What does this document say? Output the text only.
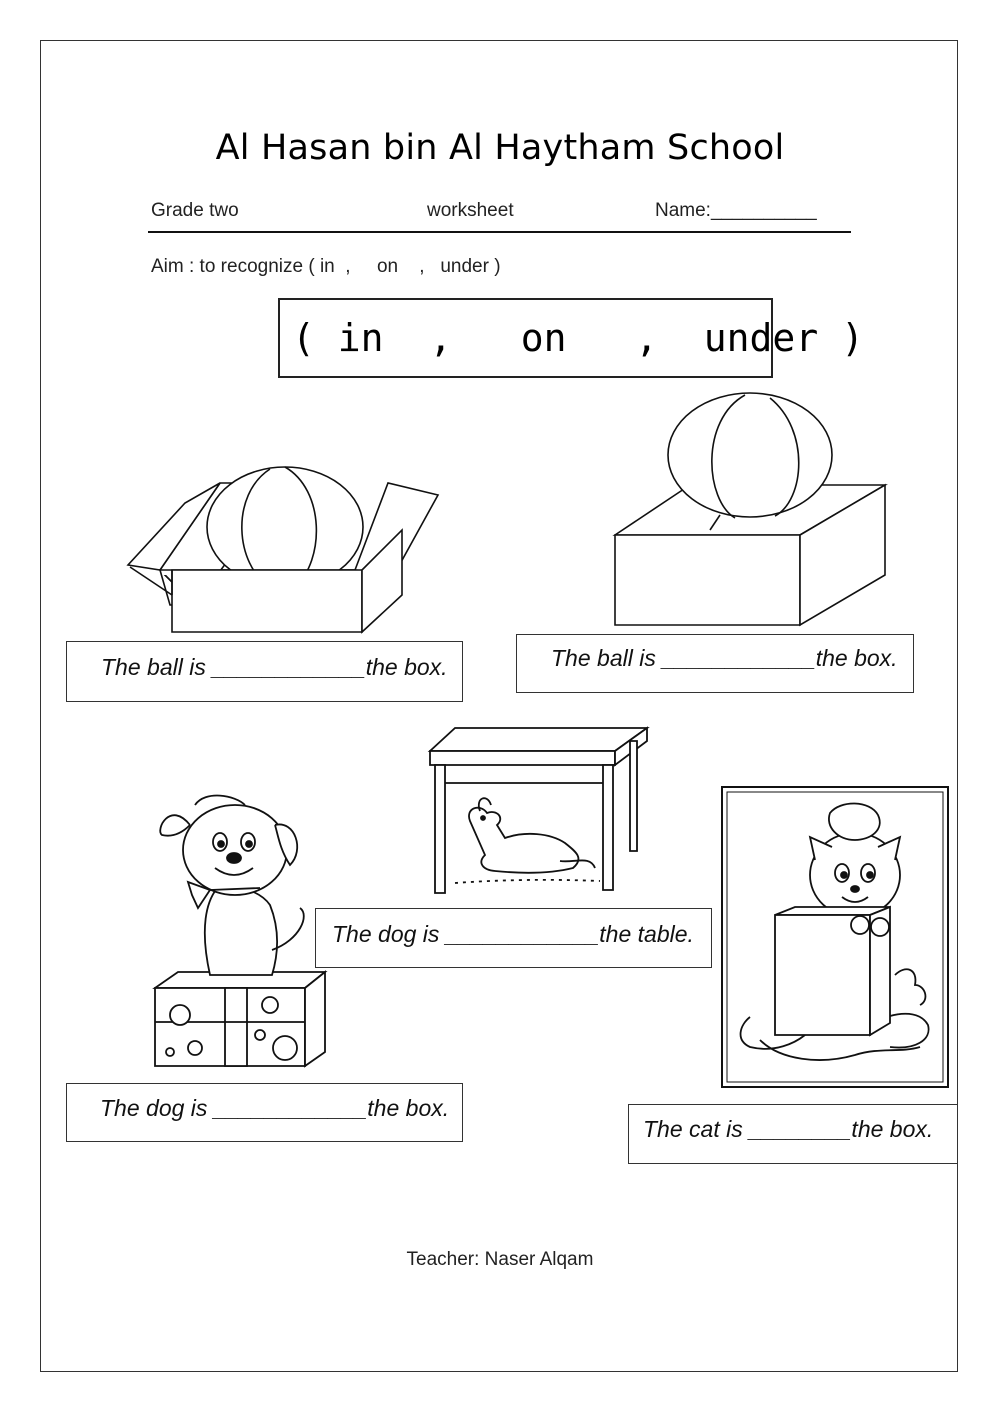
Al Hasan bin Al Haytham School
Grade two	worksheet	Name:__________
Aim : to recognize ( in  ,     on    ,   under )
( in  ,   on   ,  under )

The ball is ____________the box.

	The ball is ____________the box.

The dog is ____________the table.

The dog is ____________the box.

The cat is ________the box.

Teacher: Naser Alqam
